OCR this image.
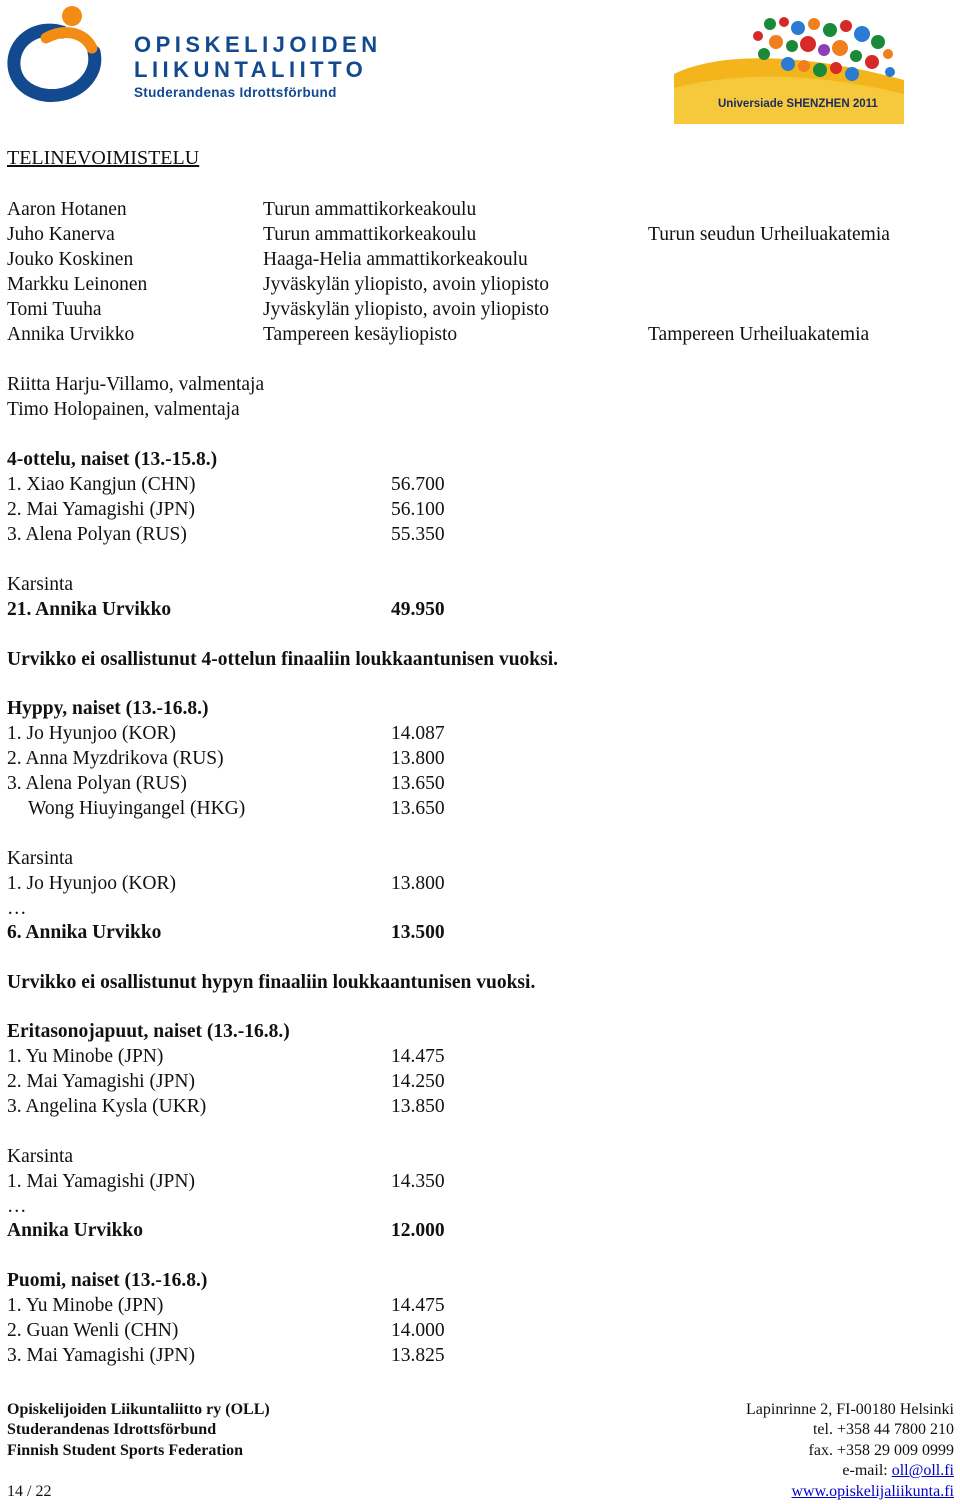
OPISKELIJOIDEN
LIIKUNTALIITTO
Studerandenas Idrottsförbund
Universiade SHENZHEN 2011
TELINEVOIMISTELU
Aaron Hotanen	Turun ammattikorkeakoulu
Juho Kanerva	Turun ammattikorkeakoulu	Turun seudun Urheiluakatemia
Jouko Koskinen	Haaga-Helia ammattikorkeakoulu
Markku Leinonen	Jyväskylän yliopisto, avoin yliopisto
Tomi Tuuha	Jyväskylän yliopisto, avoin yliopisto
Annika Urvikko	Tampereen kesäyliopisto	Tampereen Urheiluakatemia
Riitta Harju-Villamo, valmentaja
Timo Holopainen, valmentaja
4-ottelu, naiset (13.-15.8.)
1. Xiao Kangjun (CHN)	56.700
2. Mai Yamagishi (JPN)	56.100
3. Alena Polyan (RUS)	55.350
Karsinta
21. Annika Urvikko	49.950
Urvikko ei osallistunut 4-ottelun finaaliin loukkaantunisen vuoksi.
Hyppy, naiset (13.-16.8.)
1. Jo Hyunjoo (KOR)	14.087
2. Anna Myzdrikova (RUS)	13.800
3. Alena Polyan (RUS)	13.650
Wong Hiuyingangel (HKG)	13.650
Karsinta
1. Jo Hyunjoo (KOR)	13.800
…
6. Annika Urvikko	13.500
Urvikko ei osallistunut hypyn finaaliin loukkaantunisen vuoksi.
Eritasonojapuut, naiset (13.-16.8.)
1. Yu Minobe (JPN)	14.475
2. Mai Yamagishi (JPN)	14.250
3. Angelina Kysla (UKR)	13.850
Karsinta
1. Mai Yamagishi (JPN)	14.350
…
Annika Urvikko	12.000
Puomi, naiset (13.-16.8.)
1. Yu Minobe (JPN)	14.475
2. Guan Wenli (CHN)	14.000
3. Mai Yamagishi (JPN)	13.825
Opiskelijoiden Liikuntaliitto ry (OLL)
Studerandenas Idrottsförbund
Finnish Student Sports Federation
14 / 22
Lapinrinne 2, FI-00180 Helsinki
tel. +358 44 7800 210
fax. +358 29 009 0999
e-mail: oll@oll.fi
www.opiskelijaliikunta.fi
